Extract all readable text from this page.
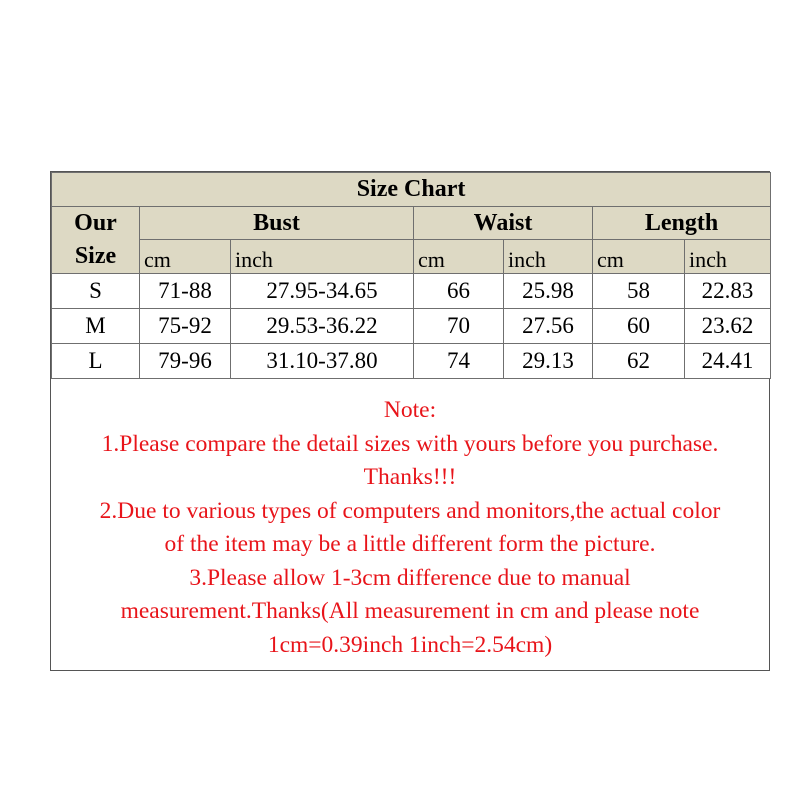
Size Chart						

Our
Size	Bust		Waist		Length	
	cm	inch	cm	inch	cm	inch
S	71-88	27.95-34.65	66	25.98	58	22.83
M	75-92	29.53-36.22	70	27.56	60	23.62
L	79-96	31.10-37.80	74	29.13	62	24.41

Note:

1.Please compare the detail sizes with yours before you purchase.

Thanks!!!

2.Due to various types of computers and monitors,the actual color

of the item may be a little different form the picture.

3.Please allow 1-3cm difference due to manual

measurement.Thanks(All measurement in cm and please note

1cm=0.39inch 1inch=2.54cm)
